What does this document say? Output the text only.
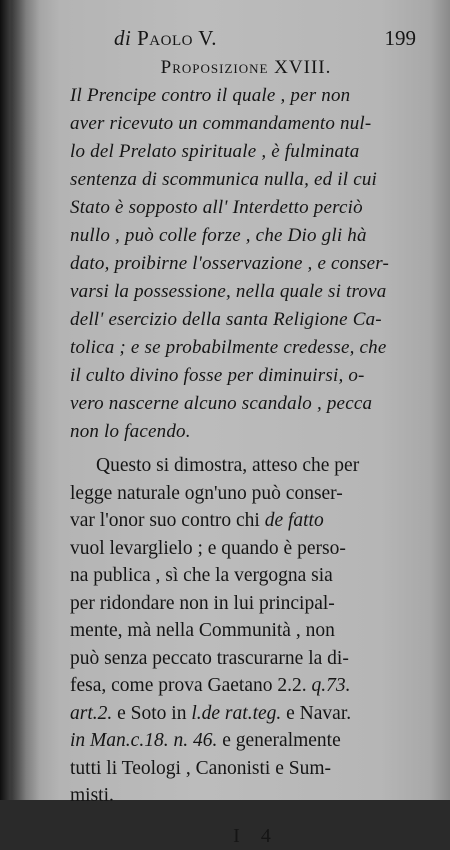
di Paolo V.	199
Proposizione XVIII.
Il Prencipe contro il quale , per non
aver ricevuto un commandamento nul-
lo del Prelato spirituale , è fulminata
sentenza di scommunica nulla, ed il cui
Stato è sopposto all' Interdetto perciò
nullo , può colle forze , che Dio gli hà
dato, proibirne l'osservazione , e conser-
varsi la possessione, nella quale si trova
dell' esercizio della santa Religione Ca-
tolica ; e se probabilmente credesse, che
il culto divino fosse per diminuirsi, o-
vero nascerne alcuno scandalo , pecca
non lo facendo.
Questo si dimostra, atteso che per
legge naturale ogn'uno può conser-
var l'onor suo contro chi de fatto
vuol levarglielo ; e quando è perso-
na publica , sì che la vergogna sia
per ridondare non in lui principal-
mente, mà nella Communità , non
può senza peccato trascurarne la di-
fesa, come prova Gaetano 2.2. q.73.
art.2. e Soto in l.de rat.teg. e Navar.
in Man.c.18. n. 46. e generalmente
tutti li Teologi , Canonisti e Sum-
misti.
I 4
